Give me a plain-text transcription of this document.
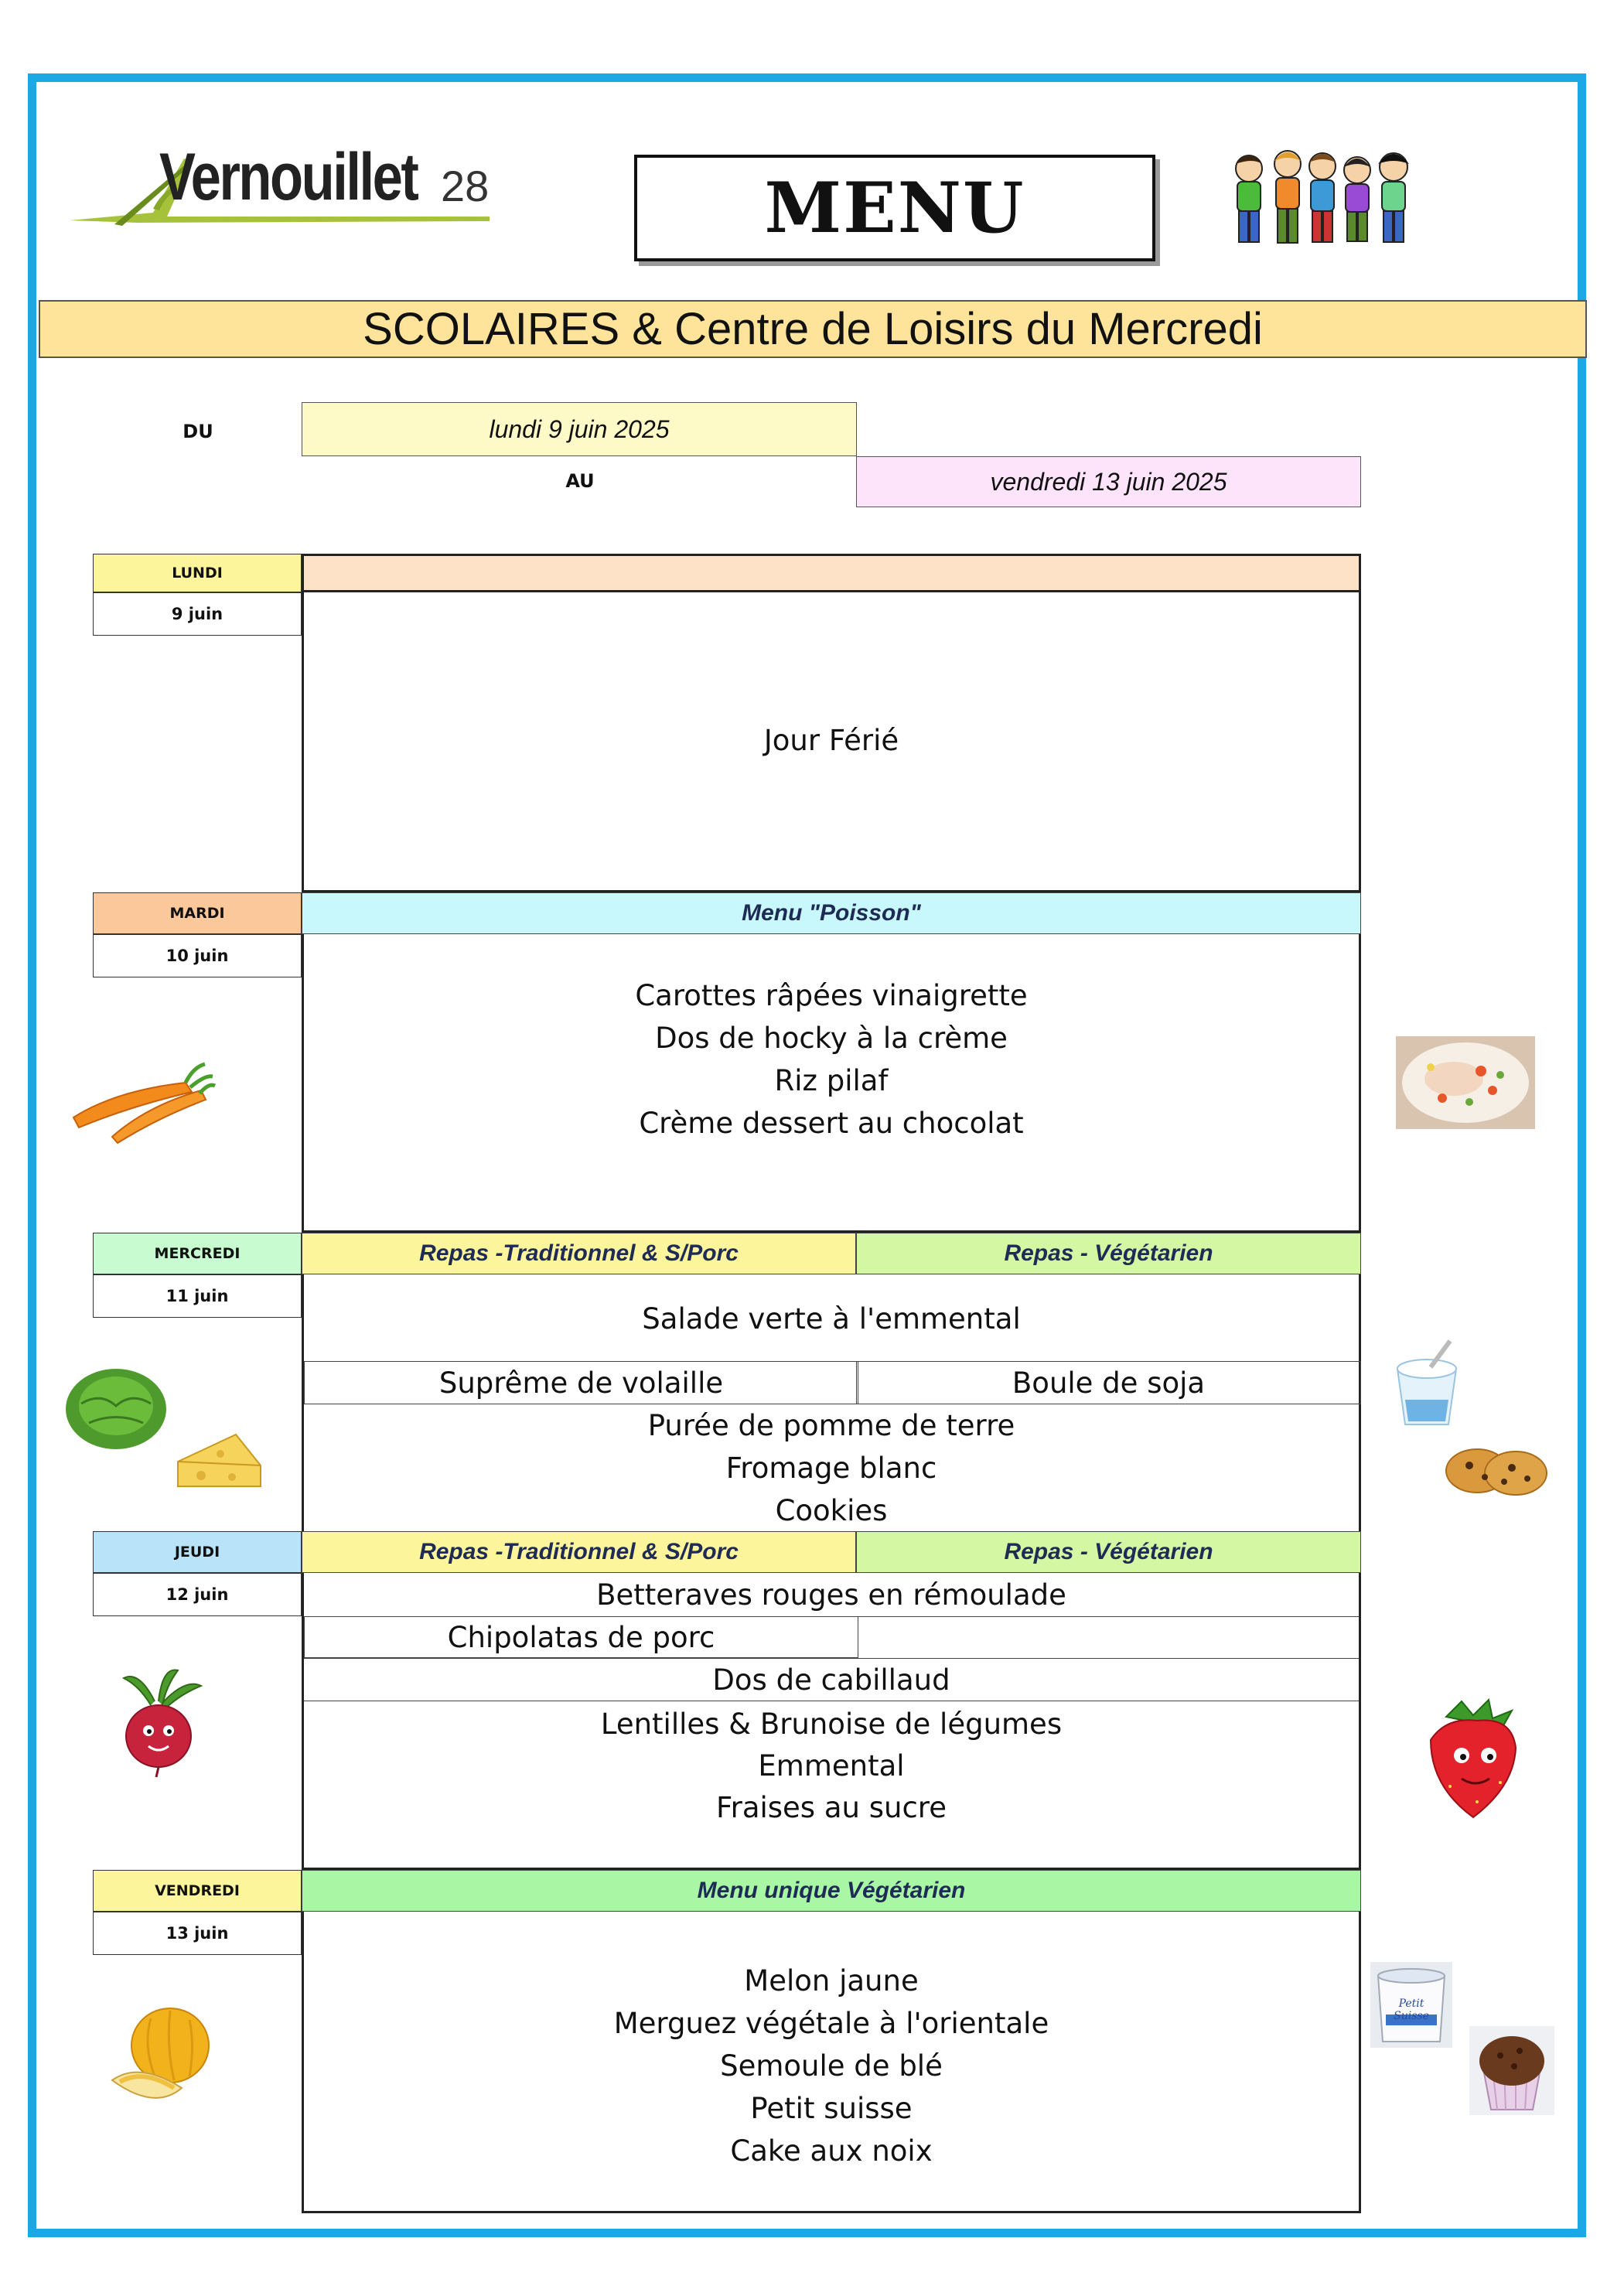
Vernouillet 28	MENU
SCOLAIRES & Centre de Loisirs du Mercredi
DU	lundi 9 juin 2025
AU	vendredi 13 juin 2025
LUNDI
9 juin
Jour Férié
MARDI
10 juin
Menu "Poisson"
Carottes râpées vinaigrette
Dos de hocky à la crème
Riz pilaf
Crème dessert au chocolat
MERCREDI
11 juin
Repas -Traditionnel & S/Porc	Repas - Végétarien
Salade verte à l'emmental
Suprême de volaille	Boule de soja
Purée de pomme de terre
Fromage blanc
Cookies
JEUDI
12 juin
Repas -Traditionnel & S/Porc	Repas - Végétarien
Betteraves rouges en rémoulade
Chipolatas de porc
Dos de cabillaud
Lentilles & Brunoise de légumes
Emmental
Fraises au sucre
VENDREDI
13 juin
Menu unique Végétarien
Melon jaune
Merguez végétale à l'orientale
Semoule de blé
Petit suisse
Cake aux noix
Petit Suisse
